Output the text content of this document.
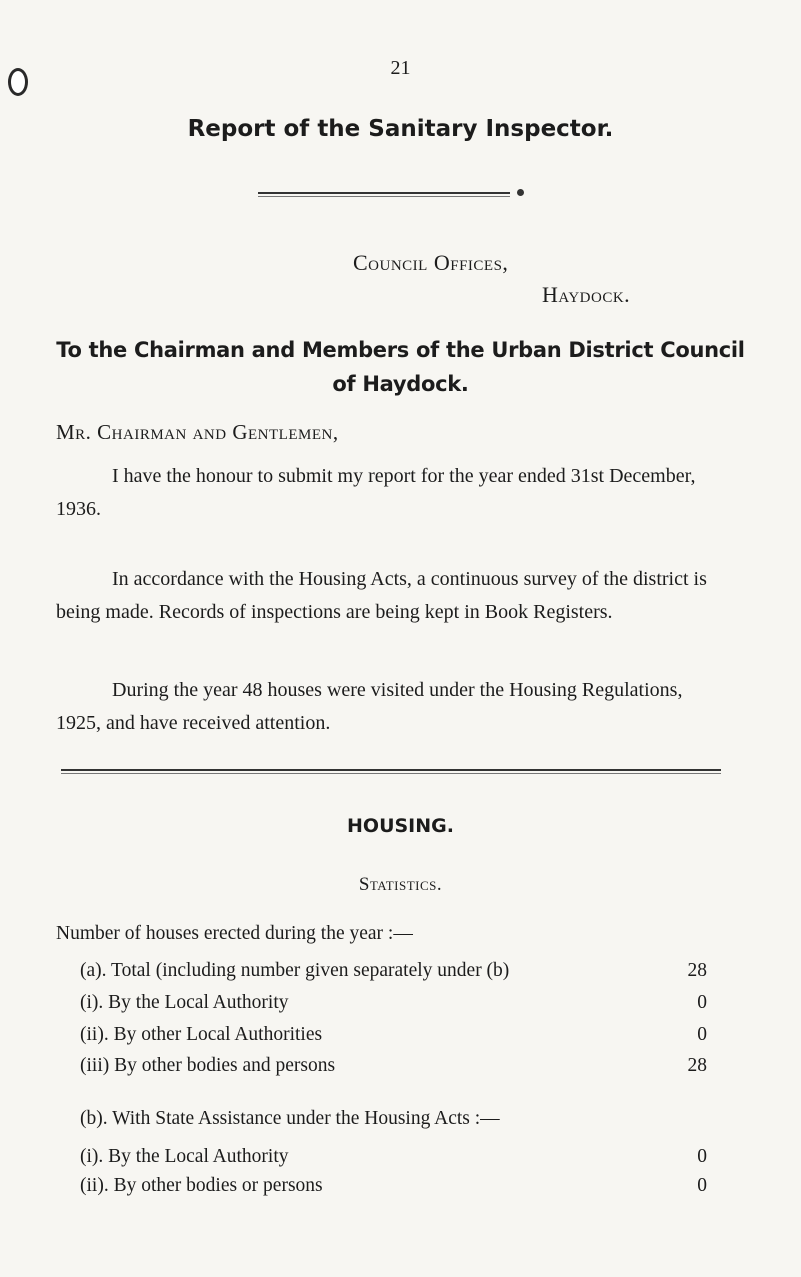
21
Report of the Sanitary Inspector.
Council Offices,
Haydock.
To the Chairman and Members of the Urban District Council
of Haydock.
Mr. Chairman and Gentlemen,
I have the honour to submit my report for the year ended 31st December, 1936.
In accordance with the Housing Acts, a continuous survey of the district is being made. Records of inspections are being kept in Book Registers.
During the year 48 houses were visited under the Housing Regulations, 1925, and have received attention.
HOUSING.
Statistics.
Number of houses erected during the year :—
(a). Total (including number given separately under (b)	28
(i). By the Local Authority	0
(ii). By other Local Authorities	0
(iii) By other bodies and persons	28
(b). With State Assistance under the Housing Acts :—
(i). By the Local Authority	0
(ii). By other bodies or persons	0
